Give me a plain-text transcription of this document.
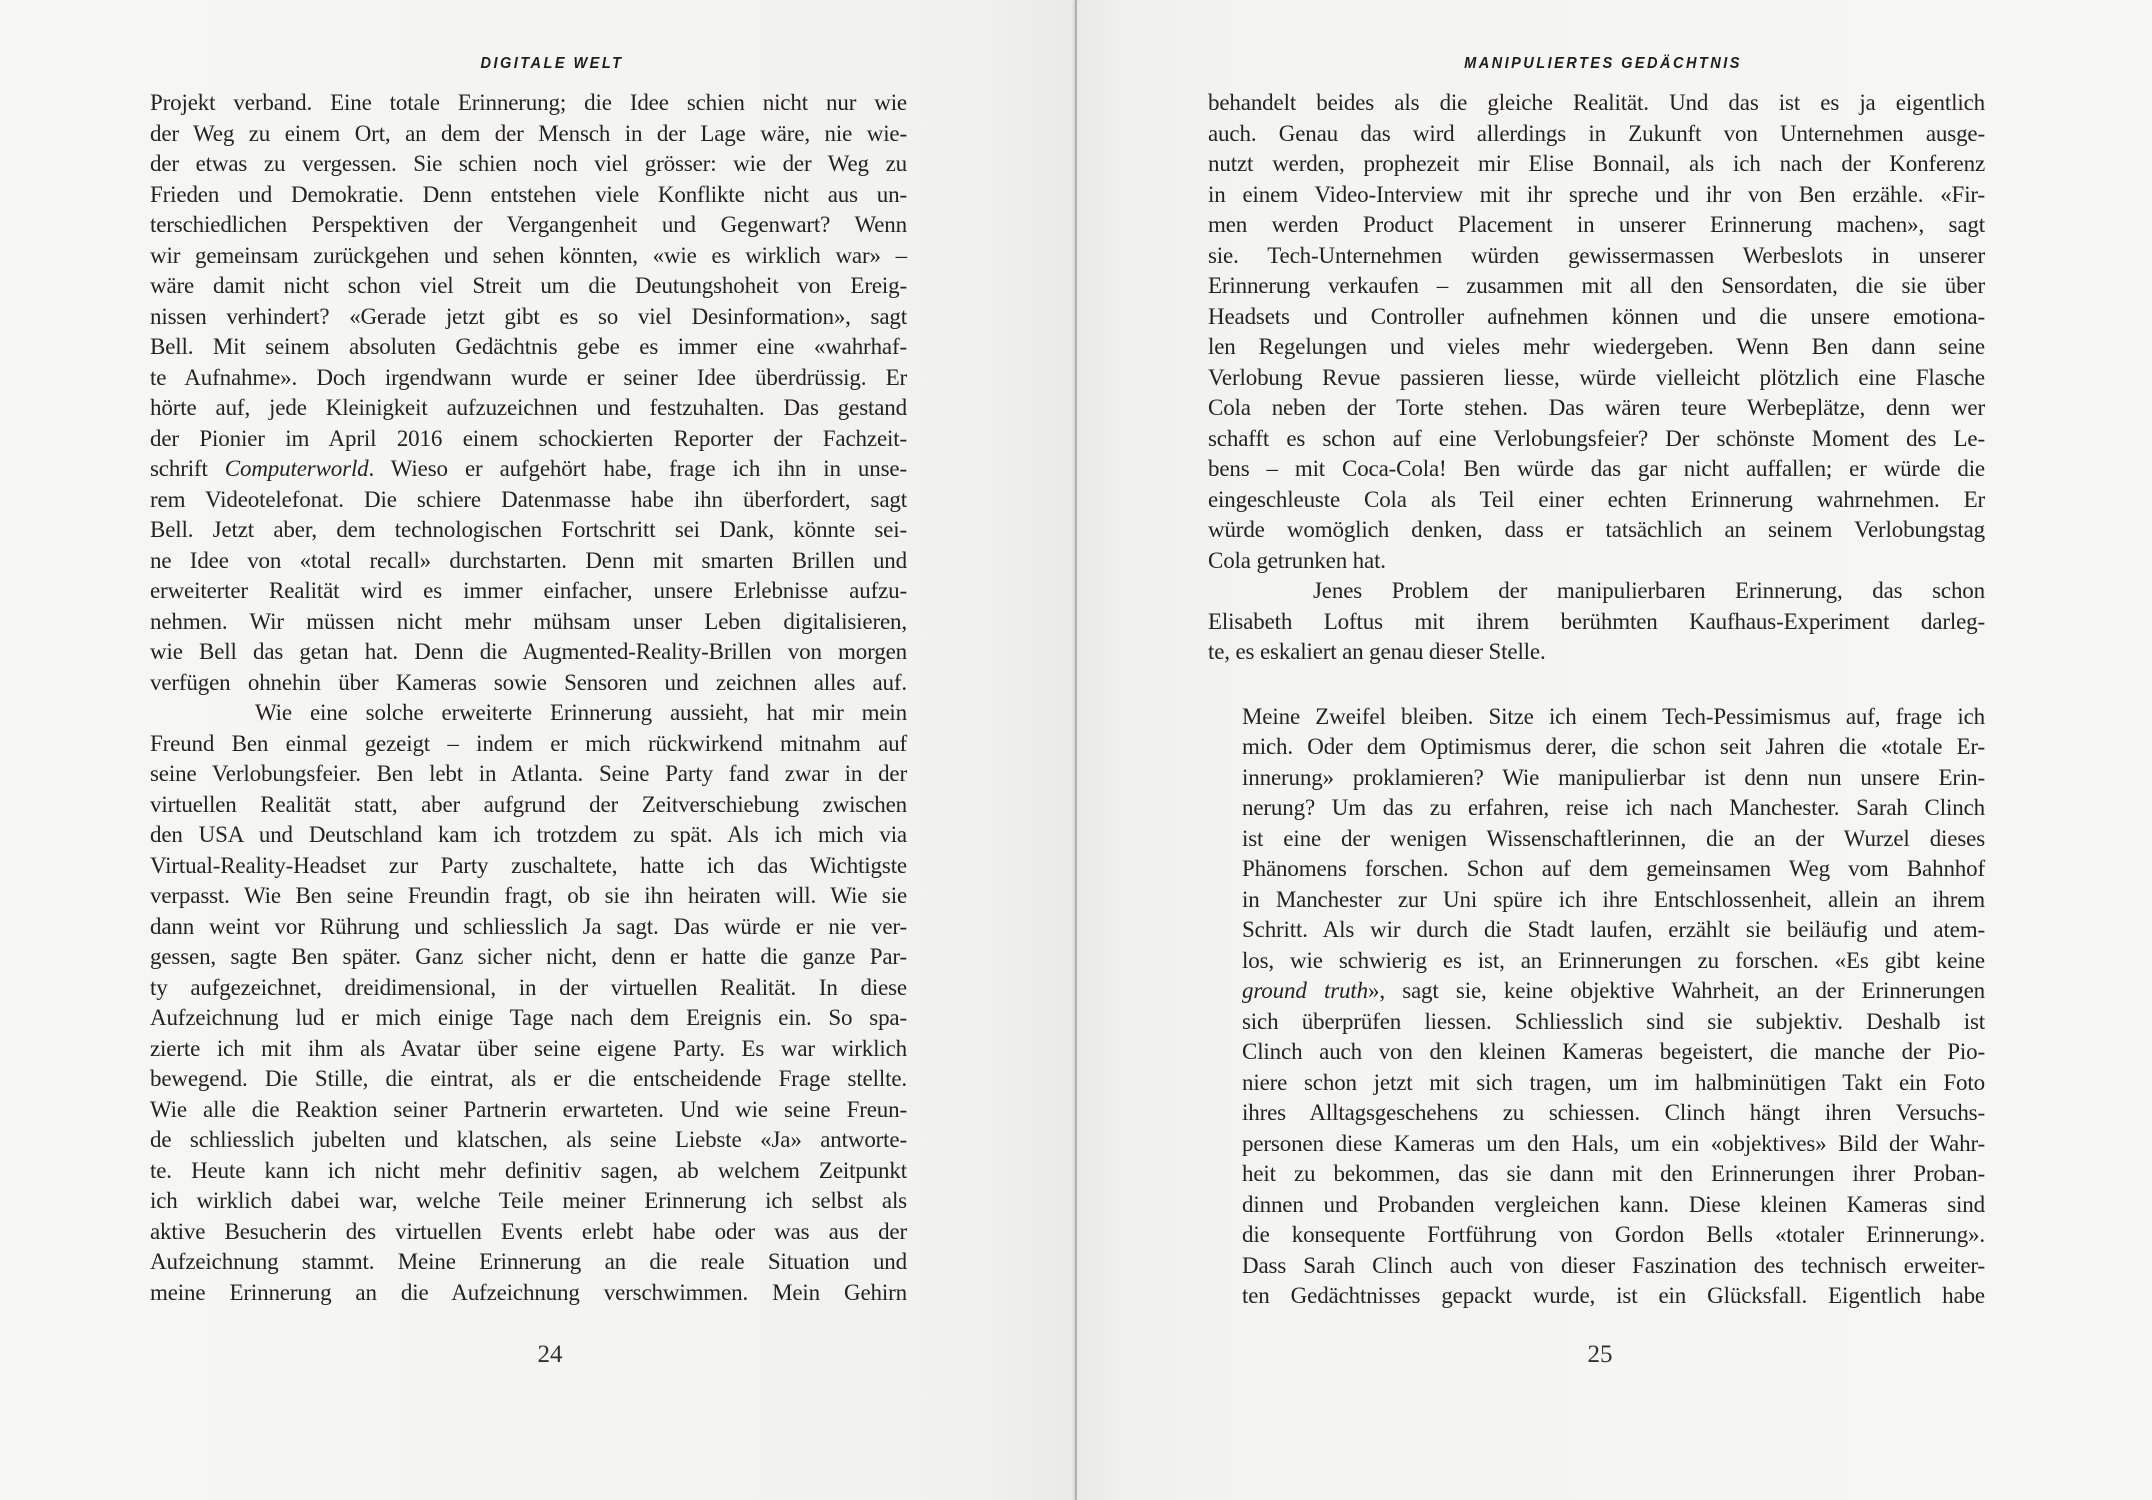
DIGITALE WELT
Projekt verband. Eine totale Erinnerung; die Idee schien nicht nur wie
der Weg zu einem Ort, an dem der Mensch in der Lage wäre, nie wie-
der etwas zu vergessen. Sie schien noch viel grösser: wie der Weg zu
Frieden und Demokratie. Denn entstehen viele Konflikte nicht aus un-
terschiedlichen Perspektiven der Vergangenheit und Gegenwart? Wenn
wir gemeinsam zurückgehen und sehen könnten, «wie es wirklich war» –
wäre damit nicht schon viel Streit um die Deutungshoheit von Ereig-
nissen verhindert? «Gerade jetzt gibt es so viel Desinformation», sagt
Bell. Mit seinem absoluten Gedächtnis gebe es immer eine «wahrhaf-
te Aufnahme». Doch irgendwann wurde er seiner Idee überdrüssig. Er
hörte auf, jede Kleinigkeit aufzuzeichnen und festzuhalten. Das gestand
der Pionier im April 2016 einem schockierten Reporter der Fachzeit-
schrift Computerworld. Wieso er aufgehört habe, frage ich ihn in unse-
rem Videotelefonat. Die schiere Datenmasse habe ihn überfordert, sagt
Bell. Jetzt aber, dem technologischen Fortschritt sei Dank, könnte sei-
ne Idee von «total recall» durchstarten. Denn mit smarten Brillen und
erweiterter Realität wird es immer einfacher, unsere Erlebnisse aufzu-
nehmen. Wir müssen nicht mehr mühsam unser Leben digitalisieren,
wie Bell das getan hat. Denn die Augmented-Reality-Brillen von morgen
verfügen ohnehin über Kameras sowie Sensoren und zeichnen alles auf.
Wie eine solche erweiterte Erinnerung aussieht, hat mir mein
Freund Ben einmal gezeigt – indem er mich rückwirkend mitnahm auf
seine Verlobungsfeier. Ben lebt in Atlanta. Seine Party fand zwar in der
virtuellen Realität statt, aber aufgrund der Zeitverschiebung zwischen
den USA und Deutschland kam ich trotzdem zu spät. Als ich mich via
Virtual-Reality-Headset zur Party zuschaltete, hatte ich das Wichtigste
verpasst. Wie Ben seine Freundin fragt, ob sie ihn heiraten will. Wie sie
dann weint vor Rührung und schliesslich Ja sagt. Das würde er nie ver-
gessen, sagte Ben später. Ganz sicher nicht, denn er hatte die ganze Par-
ty aufgezeichnet, dreidimensional, in der virtuellen Realität. In diese
Aufzeichnung lud er mich einige Tage nach dem Ereignis ein. So spa-
zierte ich mit ihm als Avatar über seine eigene Party. Es war wirklich
bewegend. Die Stille, die eintrat, als er die entscheidende Frage stellte.
Wie alle die Reaktion seiner Partnerin erwarteten. Und wie seine Freun-
de schliesslich jubelten und klatschen, als seine Liebste «Ja» antworte-
te. Heute kann ich nicht mehr definitiv sagen, ab welchem Zeitpunkt
ich wirklich dabei war, welche Teile meiner Erinnerung ich selbst als
aktive Besucherin des virtuellen Events erlebt habe oder was aus der
Aufzeichnung stammt. Meine Erinnerung an die reale Situation und
meine Erinnerung an die Aufzeichnung verschwimmen. Mein Gehirn
24
MANIPULIERTES GEDÄCHTNIS
behandelt beides als die gleiche Realität. Und das ist es ja eigentlich
auch. Genau das wird allerdings in Zukunft von Unternehmen ausge-
nutzt werden, prophezeit mir Elise Bonnail, als ich nach der Konferenz
in einem Video-Interview mit ihr spreche und ihr von Ben erzähle. «Fir-
men werden Product Placement in unserer Erinnerung machen», sagt
sie. Tech-Unternehmen würden gewissermassen Werbeslots in unserer
Erinnerung verkaufen – zusammen mit all den Sensordaten, die sie über
Headsets und Controller aufnehmen können und die unsere emotiona-
len Regelungen und vieles mehr wiedergeben. Wenn Ben dann seine
Verlobung Revue passieren liesse, würde vielleicht plötzlich eine Flasche
Cola neben der Torte stehen. Das wären teure Werbeplätze, denn wer
schafft es schon auf eine Verlobungsfeier? Der schönste Moment des Le-
bens – mit Coca-Cola! Ben würde das gar nicht auffallen; er würde die
eingeschleuste Cola als Teil einer echten Erinnerung wahrnehmen. Er
würde womöglich denken, dass er tatsächlich an seinem Verlobungstag
Cola getrunken hat.
Jenes Problem der manipulierbaren Erinnerung, das schon
Elisabeth Loftus mit ihrem berühmten Kaufhaus-Experiment darleg-
te, es eskaliert an genau dieser Stelle.
Meine Zweifel bleiben. Sitze ich einem Tech-Pessimismus auf, frage ich
mich. Oder dem Optimismus derer, die schon seit Jahren die «totale Er-
innerung» proklamieren? Wie manipulierbar ist denn nun unsere Erin-
nerung? Um das zu erfahren, reise ich nach Manchester. Sarah Clinch
ist eine der wenigen Wissenschaftlerinnen, die an der Wurzel dieses
Phänomens forschen. Schon auf dem gemeinsamen Weg vom Bahnhof
in Manchester zur Uni spüre ich ihre Entschlossenheit, allein an ihrem
Schritt. Als wir durch die Stadt laufen, erzählt sie beiläufig und atem-
los, wie schwierig es ist, an Erinnerungen zu forschen. «Es gibt keine
ground truth», sagt sie, keine objektive Wahrheit, an der Erinnerungen
sich überprüfen liessen. Schliesslich sind sie subjektiv. Deshalb ist
Clinch auch von den kleinen Kameras begeistert, die manche der Pio-
niere schon jetzt mit sich tragen, um im halbminütigen Takt ein Foto
ihres Alltagsgeschehens zu schiessen. Clinch hängt ihren Versuchs-
personen diese Kameras um den Hals, um ein «objektives» Bild der Wahr-
heit zu bekommen, das sie dann mit den Erinnerungen ihrer Proban-
dinnen und Probanden vergleichen kann. Diese kleinen Kameras sind
die konsequente Fortführung von Gordon Bells «totaler Erinnerung».
Dass Sarah Clinch auch von dieser Faszination des technisch erweiter-
ten Gedächtnisses gepackt wurde, ist ein Glücksfall. Eigentlich habe
25
